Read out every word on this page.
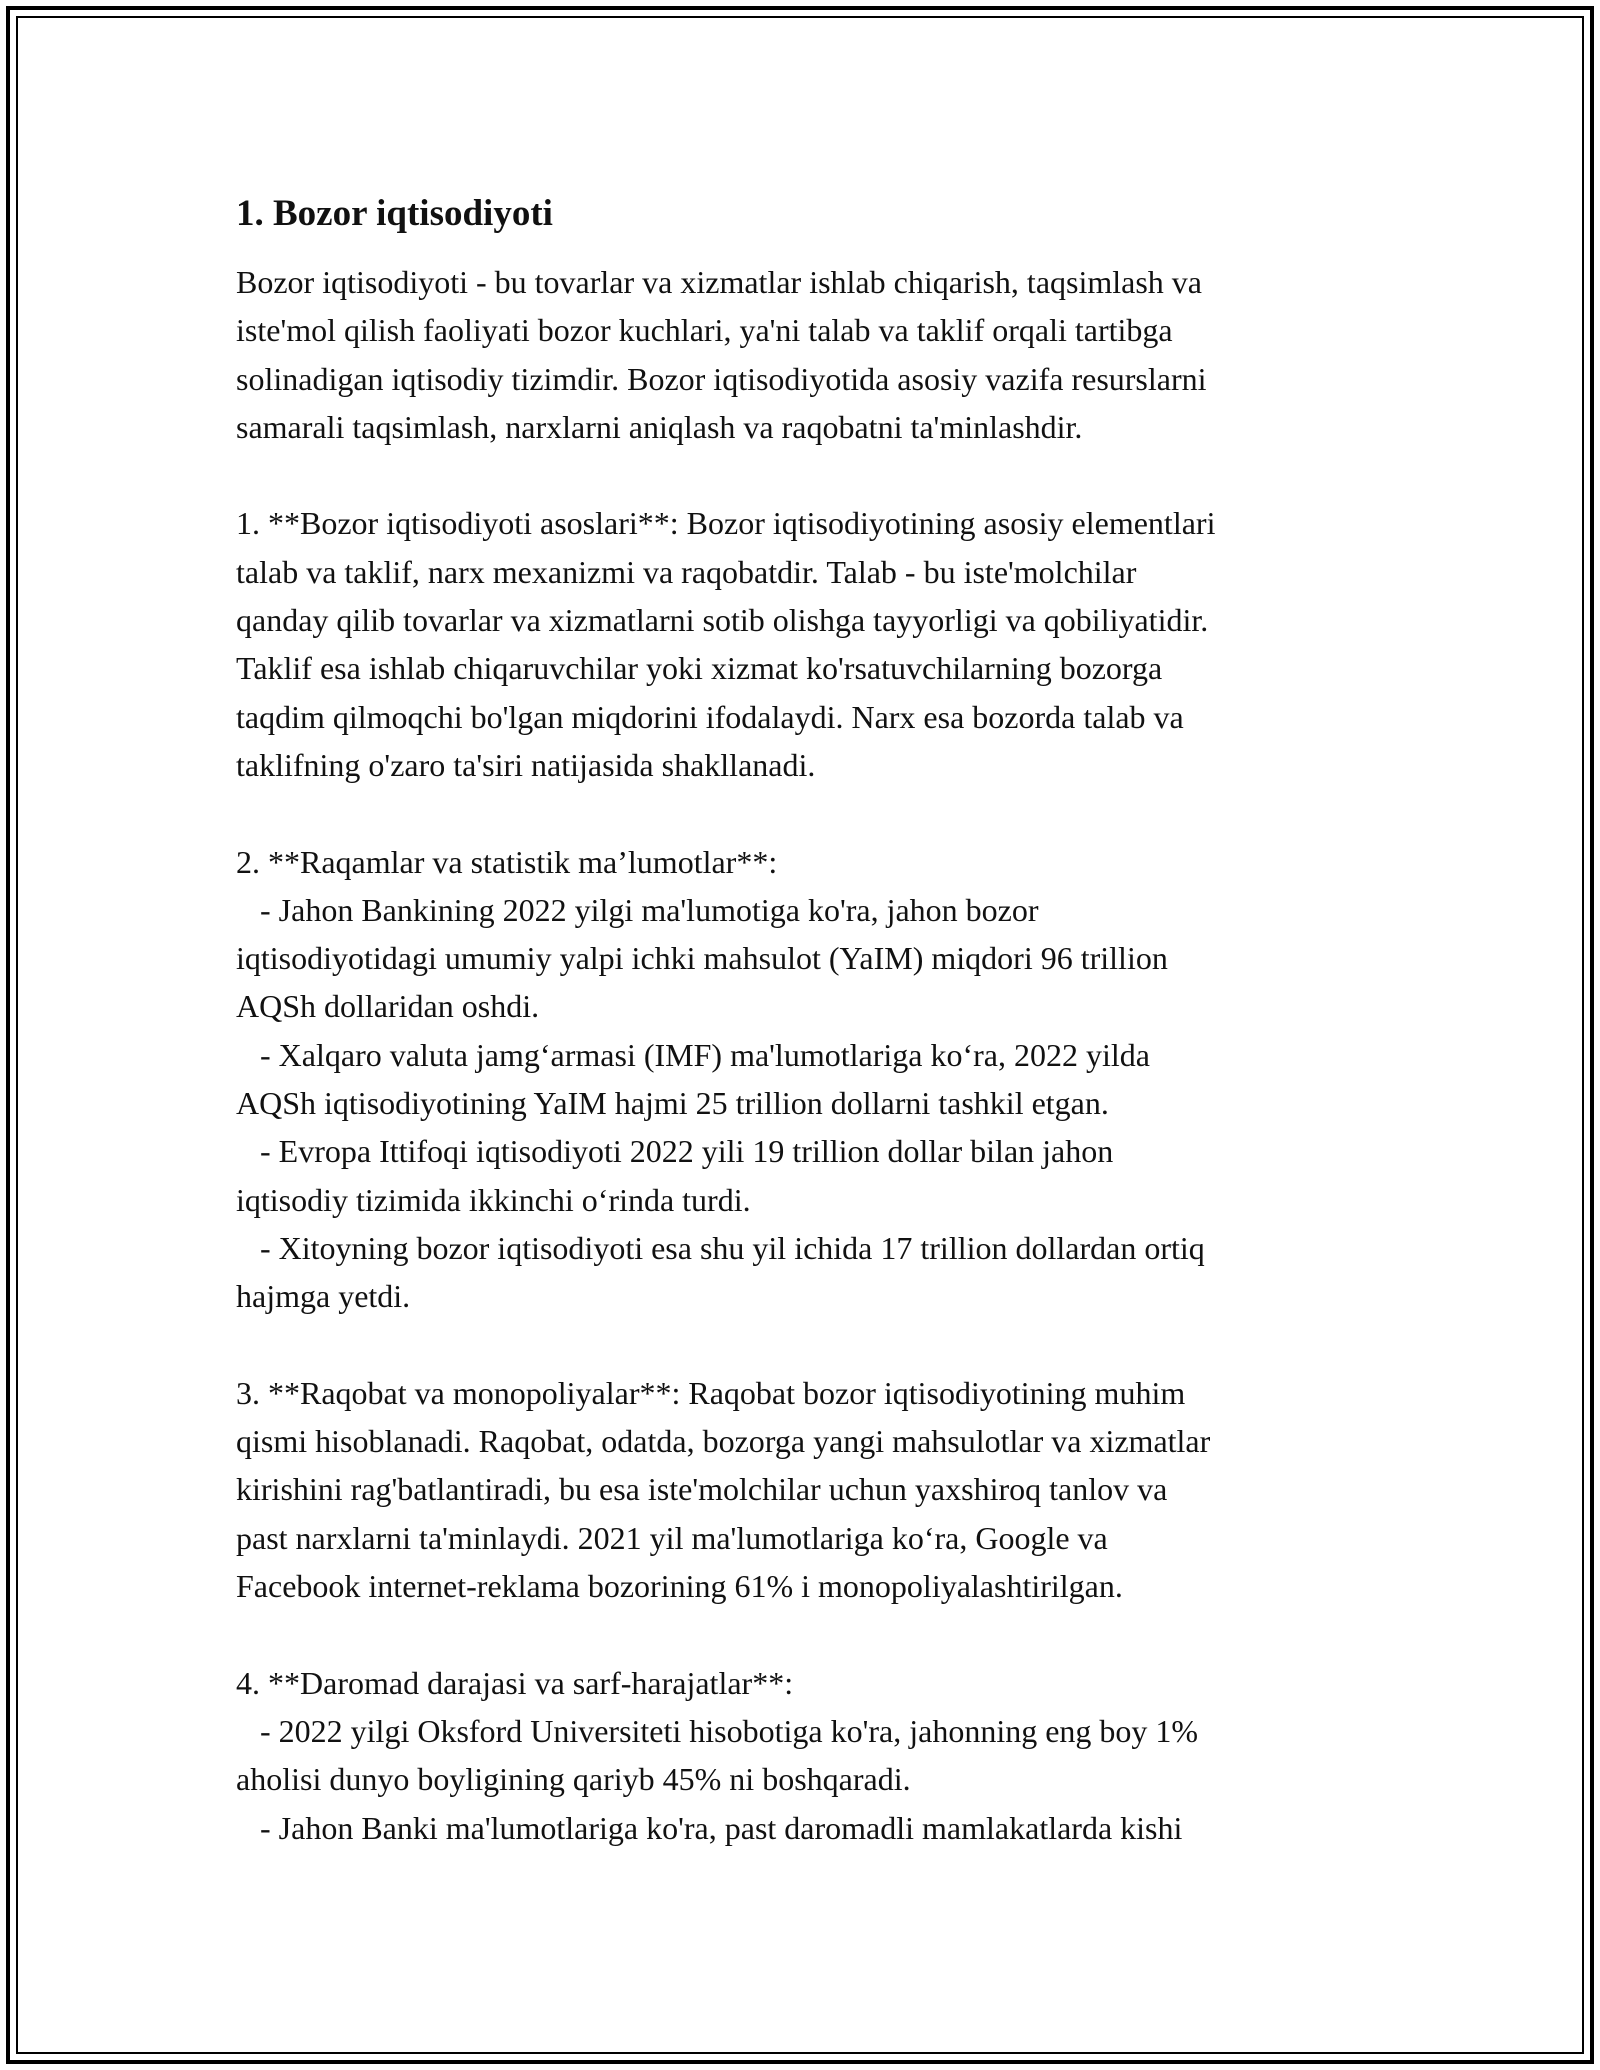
1. Bozor iqtisodiyoti
Bozor iqtisodiyoti - bu tovarlar va xizmatlar ishlab chiqarish, taqsimlash va
iste'mol qilish faoliyati bozor kuchlari, ya'ni talab va taklif orqali tartibga
solinadigan iqtisodiy tizimdir. Bozor iqtisodiyotida asosiy vazifa resurslarni
samarali taqsimlash, narxlarni aniqlash va raqobatni ta'minlashdir.

1. **Bozor iqtisodiyoti asoslari**: Bozor iqtisodiyotining asosiy elementlari
talab va taklif, narx mexanizmi va raqobatdir. Talab - bu iste'molchilar
qanday qilib tovarlar va xizmatlarni sotib olishga tayyorligi va qobiliyatidir.
Taklif esa ishlab chiqaruvchilar yoki xizmat ko'rsatuvchilarning bozorga
taqdim qilmoqchi bo'lgan miqdorini ifodalaydi. Narx esa bozorda talab va
taklifning o'zaro ta'siri natijasida shakllanadi.

2. **Raqamlar va statistik ma’lumotlar**:
- Jahon Bankining 2022 yilgi ma'lumotiga ko'ra, jahon bozor
iqtisodiyotidagi umumiy yalpi ichki mahsulot (YaIM) miqdori 96 trillion
AQSh dollaridan oshdi.
- Xalqaro valuta jamg‘armasi (IMF) ma'lumotlariga ko‘ra, 2022 yilda
AQSh iqtisodiyotining YaIM hajmi 25 trillion dollarni tashkil etgan.
- Evropa Ittifoqi iqtisodiyoti 2022 yili 19 trillion dollar bilan jahon
iqtisodiy tizimida ikkinchi o‘rinda turdi.
- Xitoyning bozor iqtisodiyoti esa shu yil ichida 17 trillion dollardan ortiq
hajmga yetdi.

3. **Raqobat va monopoliyalar**: Raqobat bozor iqtisodiyotining muhim
qismi hisoblanadi. Raqobat, odatda, bozorga yangi mahsulotlar va xizmatlar
kirishini rag'batlantiradi, bu esa iste'molchilar uchun yaxshiroq tanlov va
past narxlarni ta'minlaydi. 2021 yil ma'lumotlariga ko‘ra, Google va
Facebook internet-reklama bozorining 61% i monopoliyalashtirilgan.

4. **Daromad darajasi va sarf-harajatlar**:
- 2022 yilgi Oksford Universiteti hisobotiga ko'ra, jahonning eng boy 1%
aholisi dunyo boyligining qariyb 45% ni boshqaradi.
- Jahon Banki ma'lumotlariga ko'ra, past daromadli mamlakatlarda kishi
